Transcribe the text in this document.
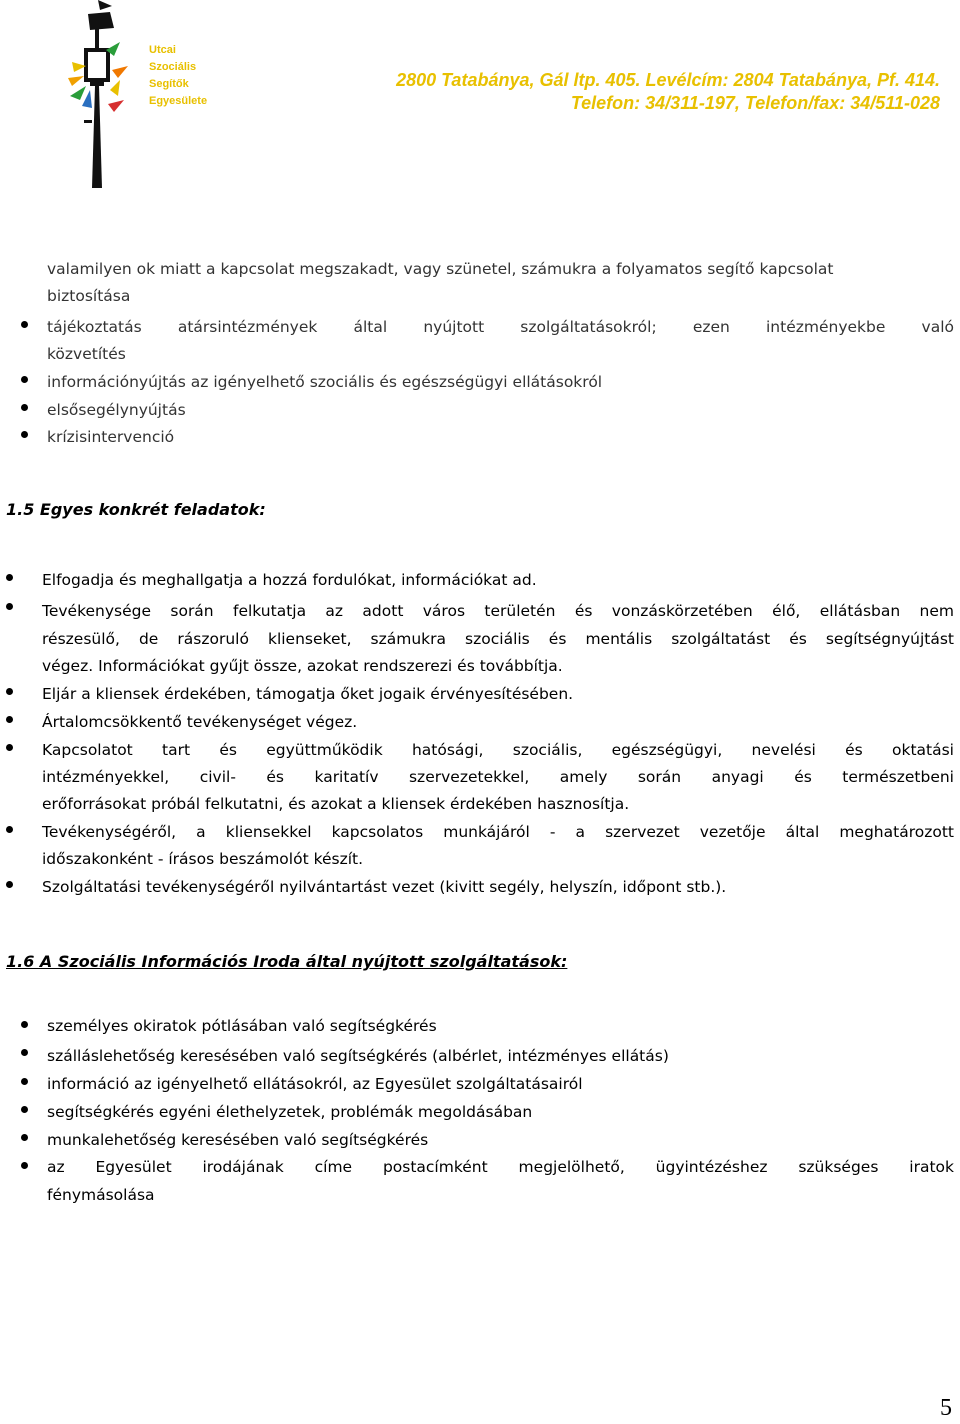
Utcai
Szociális
Segítők
Egyesülete
2800 Tatabánya, Gál ltp. 405. Levélcím: 2804 Tatabánya, Pf. 414.
Telefon: 34/311-197, Telefon/fax: 34/511-028
valamilyen ok miatt a kapcsolat megszakadt, vagy szünetel, számukra a folyamatos segítő kapcsolat
biztosítása
tájékoztatás atársintézmények által nyújtott szolgáltatásokról; ezen intézményekbe való
közvetítés
információnyújtás az igényelhető szociális és egészségügyi ellátásokról
elsősegélynyújtás
krízisintervenció
1.5 Egyes konkrét feladatok:
Elfogadja és meghallgatja a hozzá fordulókat, információkat ad.
Tevékenysége során felkutatja az adott város területén és vonzáskörzetében élő, ellátásban nem
részesülő, de rászoruló klienseket, számukra szociális és mentális szolgáltatást és segítségnyújtást
végez. Információkat gyűjt össze, azokat rendszerezi és továbbítja.
Eljár a kliensek érdekében, támogatja őket jogaik érvényesítésében.
Ártalomcsökkentő tevékenységet végez.
Kapcsolatot tart és együttműködik hatósági, szociális, egészségügyi, nevelési és oktatási
intézményekkel, civil- és karitatív szervezetekkel, amely során anyagi és természetbeni
erőforrásokat próbál felkutatni, és azokat a kliensek érdekében hasznosítja.
Tevékenységéről, a kliensekkel kapcsolatos munkájáról - a szervezet vezetője által meghatározott
időszakonként - írásos beszámolót készít.
Szolgáltatási tevékenységéről nyilvántartást vezet (kivitt segély, helyszín, időpont stb.).
1.6 A Szociális Információs Iroda által nyújtott szolgáltatások:
személyes okiratok pótlásában való segítségkérés
szálláslehetőség keresésében való segítségkérés (albérlet, intézményes ellátás)
információ az igényelhető ellátásokról, az Egyesület szolgáltatásairól
segítségkérés egyéni élethelyzetek, problémák megoldásában
munkalehetőség keresésében való segítségkérés
az Egyesület irodájának címe postacímként megjelölhető, ügyintézéshez szükséges iratok
fénymásolása
5
